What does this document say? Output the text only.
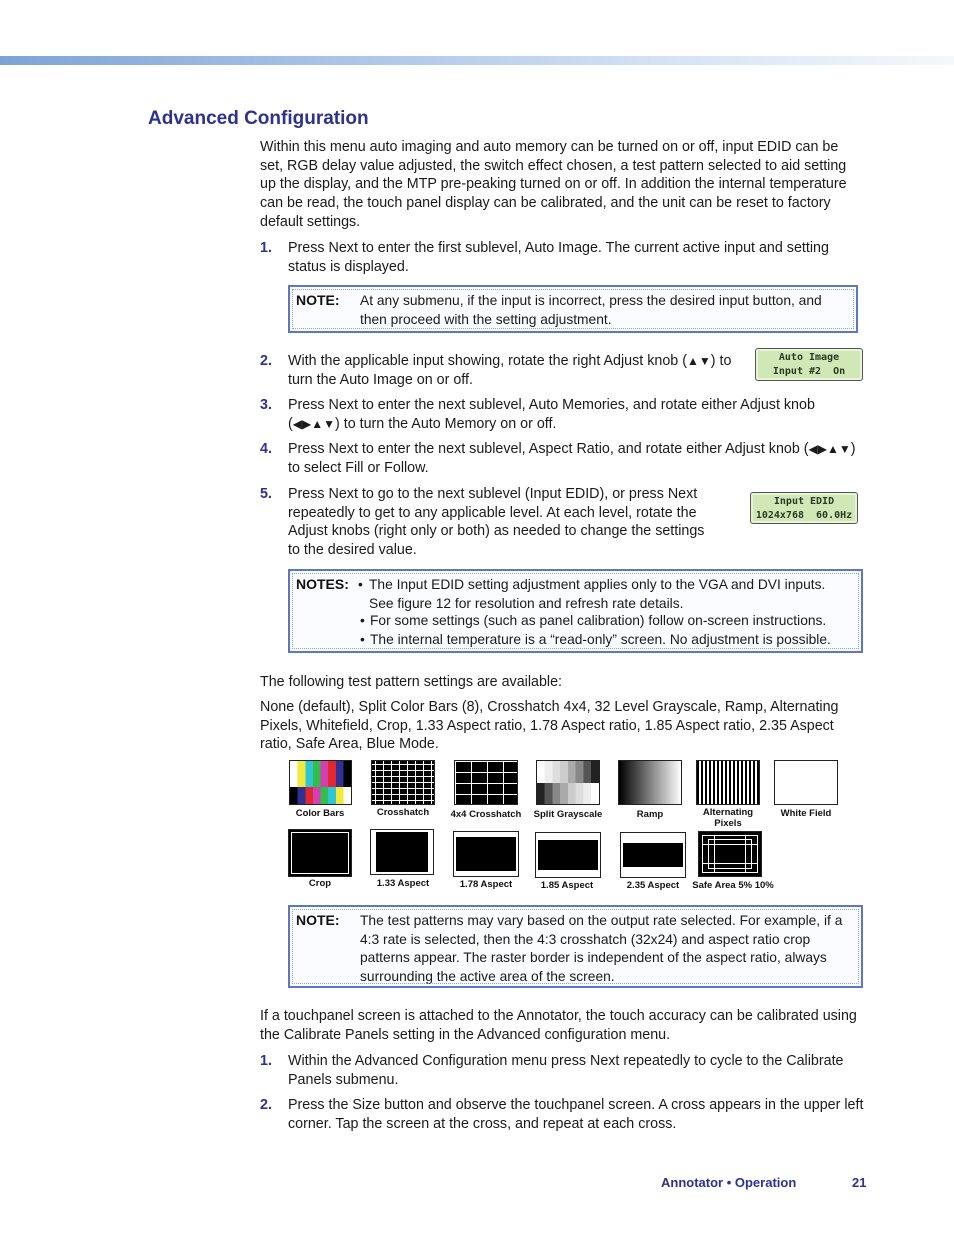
Advanced Configuration

Within this menu auto imaging and auto memory can be turned on or off, input EDID can be set, RGB delay value adjusted, the switch effect chosen, a test pattern selected to aid setting up the display, and the MTP pre-peaking turned on or off. In addition the internal temperature can be read, the touch panel display can be calibrated, and the unit can be reset to factory default settings.

1. Press Next to enter the first sublevel, Auto Image. The current active input and setting status is displayed.

NOTE: At any submenu, if the input is incorrect, press the desired input button, and then proceed with the setting adjustment.
2. With the applicable input showing, rotate the right Adjust knob (▲▼) to turn the Auto Image on or off.

Auto Image
Input #2  On
3. Press Next to enter the next sublevel, Auto Memories, and rotate either Adjust knob (◀▶▲▼) to turn the Auto Memory on or off.

4. Press Next to enter the next sublevel, Aspect Ratio, and rotate either Adjust knob (◀▶▲▼) to select Fill or Follow.

5. Press Next to go to the next sublevel (Input EDID), or press Next repeatedly to get to any applicable level. At each level, rotate the Adjust knobs (right only or both) as needed to change the settings to the desired value.

Input EDID
1024x768  60.0Hz
NOTES: • The Input EDID setting adjustment applies only to the VGA and DVI inputs. See figure 12 for resolution and refresh rate details.
• For some settings (such as panel calibration) follow on-screen instructions.
• The internal temperature is a “read-only” screen. No adjustment is possible.

The following test pattern settings are available:

None (default), Split Color Bars (8), Crosshatch 4x4, 32 Level Grayscale, Ramp, Alternating Pixels, Whitefield, Crop, 1.33 Aspect ratio, 1.78 Aspect ratio, 1.85 Aspect ratio, 2.35 Aspect ratio, Safe Area, Blue Mode.

Color Bars	Crosshatch	4x4 Crosshatch	Split Grayscale	Ramp	Alternating
Pixels
White Field
Crop	1.33 Aspect	1.78 Aspect	1.85 Aspect	2.35 Aspect	Safe Area 5% 10%
NOTE: The test patterns may vary based on the output rate selected. For example, if a 4:3 rate is selected, then the 4:3 crosshatch (32x24) and aspect ratio crop patterns appear. The raster border is independent of the aspect ratio, always surrounding the active area of the screen.

If a touchpanel screen is attached to the Annotator, the touch accuracy can be calibrated using the Calibrate Panels setting in the Advanced configuration menu.

1. Within the Advanced Configuration menu press Next repeatedly to cycle to the Calibrate Panels submenu.

2. Press the Size button and observe the touchpanel screen. A cross appears in the upper left corner. Tap the screen at the cross, and repeat at each cross.

Annotator • Operation	21
